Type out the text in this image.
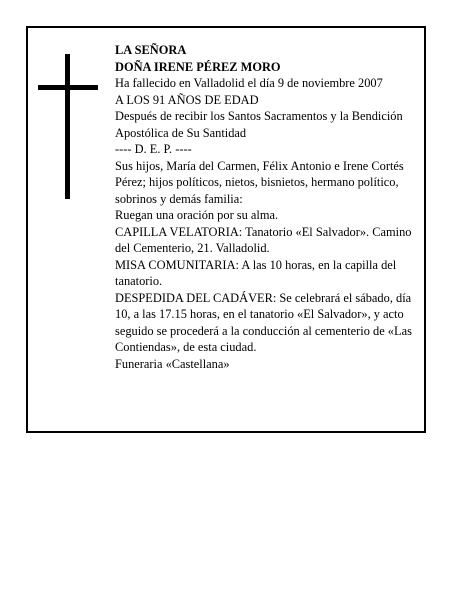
LA SEÑORA

DOÑA IRENE PÉREZ MORO

Ha fallecido en Valladolid el día 9 de noviembre 2007

A LOS 91 AÑOS DE EDAD

Después de recibir los Santos Sacramentos y la Bendición Apostólica de Su Santidad

---- D. E. P. ----

Sus hijos, María del Carmen, Félix Antonio e Irene Cortés Pérez; hijos políticos, nietos, bisnietos, hermano político, sobrinos y demás familia:

Ruegan una oración por su alma.

CAPILLA VELATORIA: Tanatorio «El Salvador». Camino del Cementerio, 21. Valladolid.

MISA COMUNITARIA: A las 10 horas, en la capilla del tanatorio.

DESPEDIDA DEL CADÁVER: Se celebrará el sábado, día 10, a las 17.15 horas, en el tanatorio «El Salvador», y acto seguido se procederá a la conducción al cementerio de «Las Contiendas», de esta ciudad.

Funeraria «Castellana»
